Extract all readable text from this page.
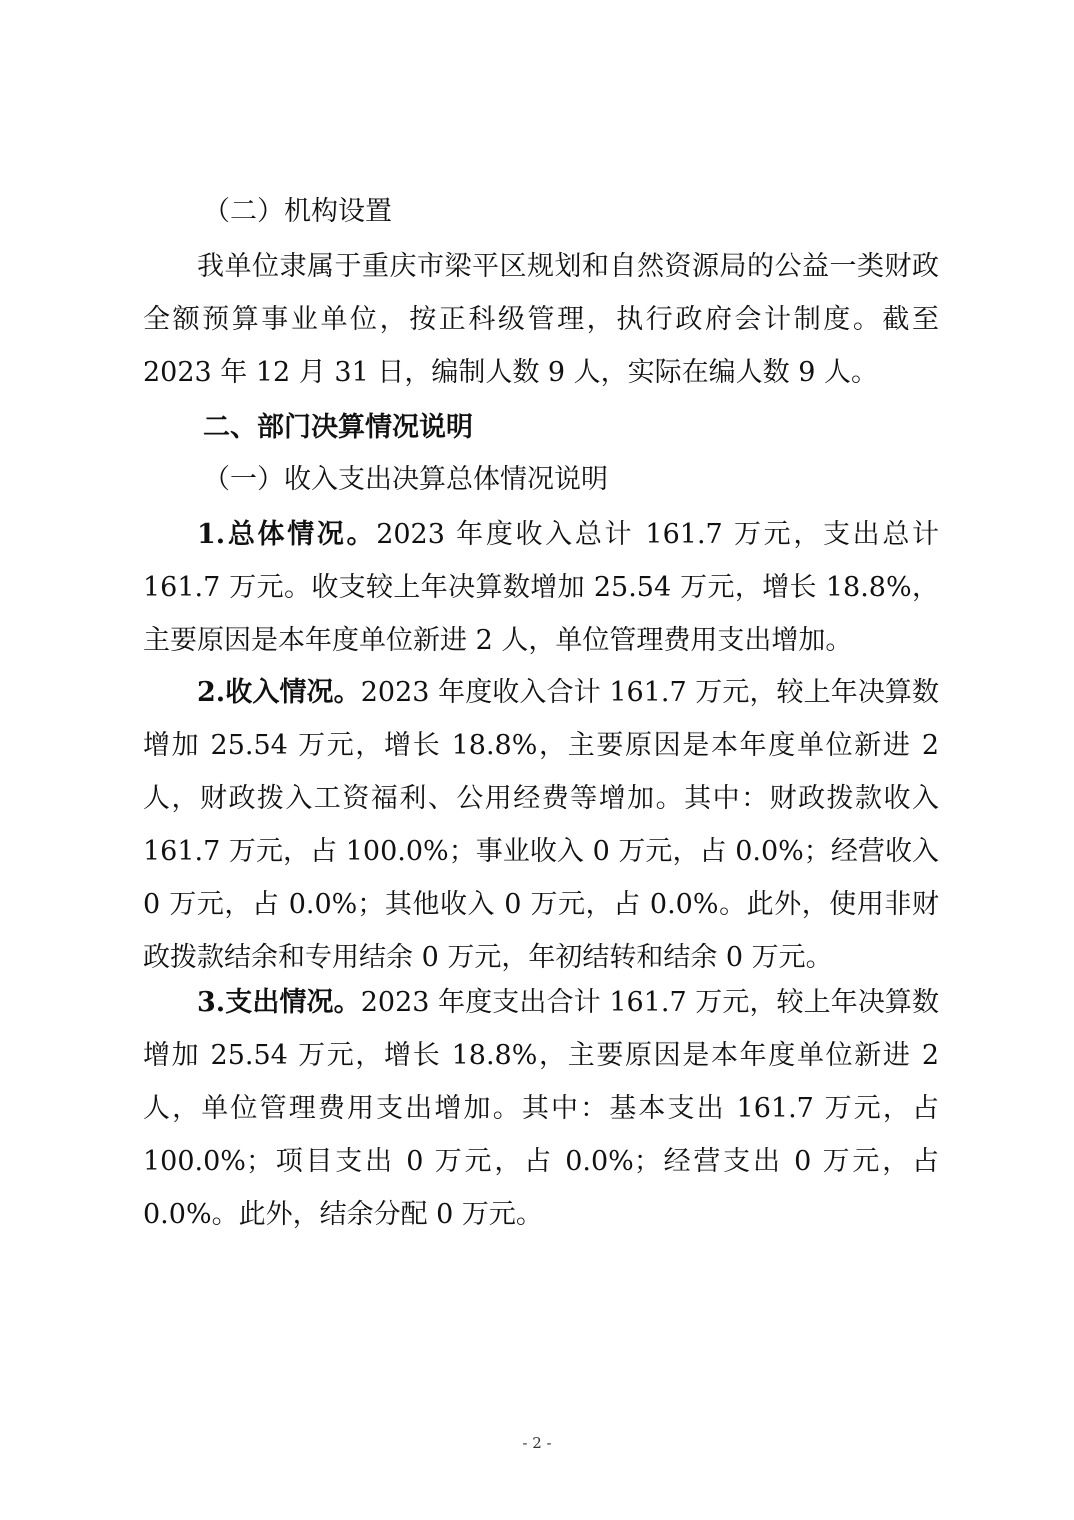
（二）机构设置

我单位隶属于重庆市梁平区规划和自然资源局的公益一类财政全额预算事业单位，按正科级管理，执行政府会计制度。截至 2023 年 12 月 31 日，编制人数 9 人，实际在编人数 9 人。

二、部门决算情况说明

（一）收入支出决算总体情况说明

1.总体情况。2023 年度收入总计 161.7 万元，支出总计 161.7 万元。收支较上年决算数增加 25.54 万元，增长 18.8%，主要原因是本年度单位新进 2 人，单位管理费用支出增加。

2.收入情况。2023 年度收入合计 161.7 万元，较上年决算数增加 25.54 万元，增长 18.8%，主要原因是本年度单位新进 2 人，财政拨入工资福利、公用经费等增加。其中：财政拨款收入 161.7 万元，占 100.0%；事业收入 0 万元，占 0.0%；经营收入 0 万元，占 0.0%；其他收入 0 万元，占 0.0%。此外，使用非财政拨款结余和专用结余 0 万元，年初结转和结余 0 万元。

3.支出情况。2023 年度支出合计 161.7 万元，较上年决算数增加 25.54 万元，增长 18.8%，主要原因是本年度单位新进 2 人，单位管理费用支出增加。其中：基本支出 161.7 万元，占 100.0%；项目支出 0 万元，占 0.0%；经营支出 0 万元，占 0.0%。此外，结余分配 0 万元。

- 2 -
